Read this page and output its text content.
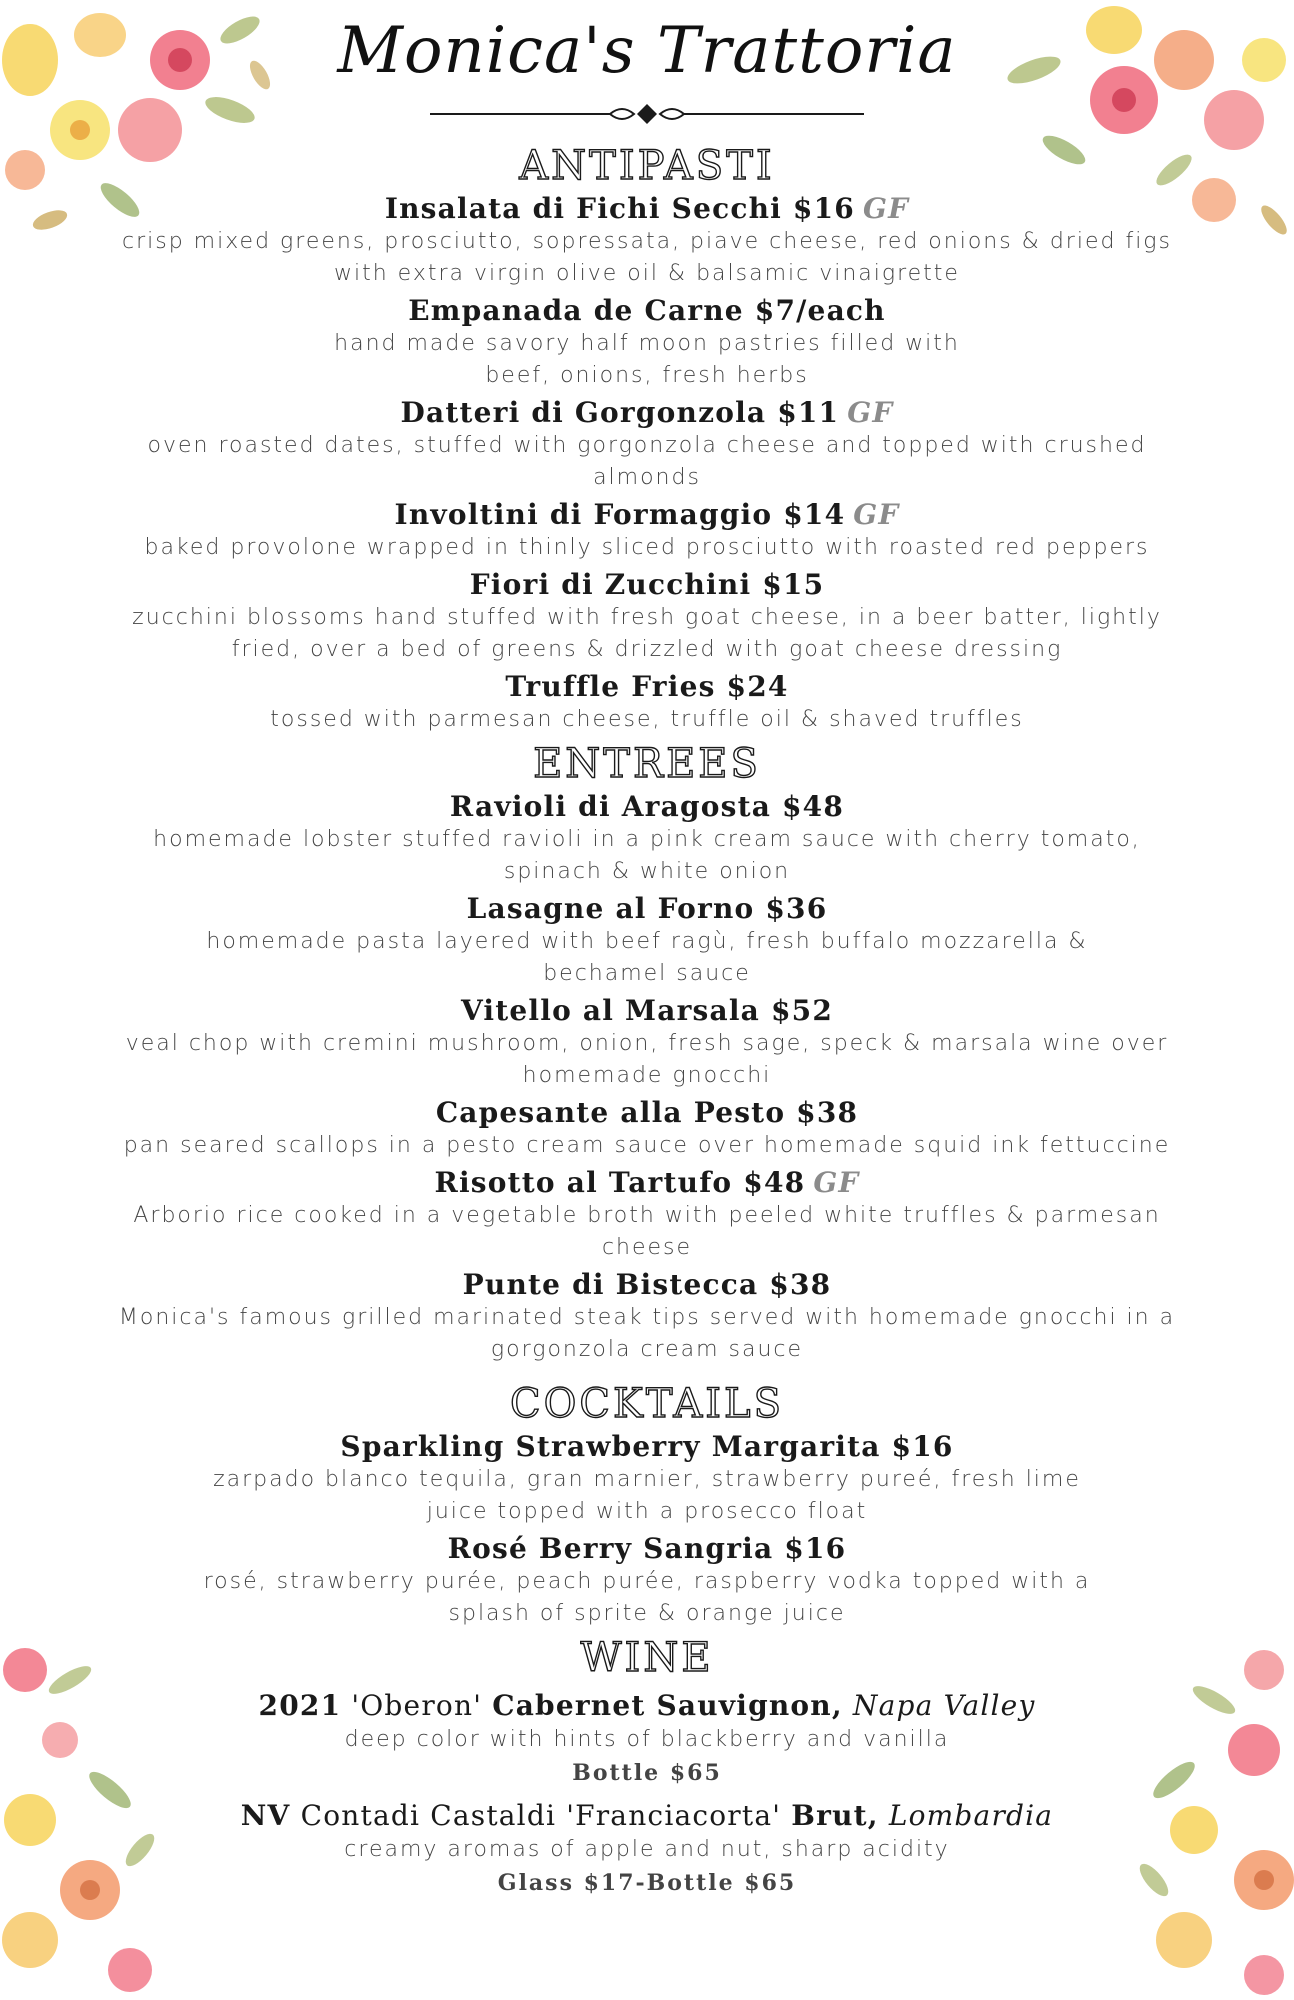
Monica's Trattoria
ANTIPASTI
Insalata di Fichi Secchi $16 GF
crisp mixed greens, prosciutto, sopressata, piave cheese, red onions & dried figs
with extra virgin olive oil & balsamic vinaigrette
Empanada de Carne $7/each
hand made savory half moon pastries filled with
beef, onions, fresh herbs
Datteri di Gorgonzola $11 GF
oven roasted dates, stuffed with gorgonzola cheese and topped with crushed
almonds
Involtini di Formaggio $14 GF
baked provolone wrapped in thinly sliced prosciutto with roasted red peppers
Fiori di Zucchini $15
zucchini blossoms hand stuffed with fresh goat cheese, in a beer batter, lightly
fried, over a bed of greens & drizzled with goat cheese dressing
Truffle Fries $24
tossed with parmesan cheese, truffle oil & shaved truffles
ENTREES
Ravioli di Aragosta $48
homemade lobster stuffed ravioli in a pink cream sauce with cherry tomato,
spinach & white onion
Lasagne al Forno $36
homemade pasta layered with beef ragù, fresh buffalo mozzarella &
bechamel sauce
Vitello al Marsala $52
veal chop with cremini mushroom, onion, fresh sage, speck & marsala wine over
homemade gnocchi
Capesante alla Pesto $38
pan seared scallops in a pesto cream sauce over homemade squid ink fettuccine
Risotto al Tartufo $48 GF
Arborio rice cooked in a vegetable broth with peeled white truffles & parmesan
cheese
Punte di Bistecca $38
Monica's famous grilled marinated steak tips served with homemade gnocchi in a
gorgonzola cream sauce
COCKTAILS
Sparkling Strawberry Margarita $16
zarpado blanco tequila, gran marnier, strawberry pureé, fresh lime
juice topped with a prosecco float
Rosé Berry Sangria $16
rosé, strawberry purée, peach purée, raspberry vodka topped with a
splash of sprite & orange juice
WINE
2021 'Oberon' Cabernet Sauvignon, Napa Valley
deep color with hints of blackberry and vanilla
Bottle $65
NV Contadi Castaldi 'Franciacorta' Brut, Lombardia
creamy aromas of apple and nut, sharp acidity
Glass $17-Bottle $65
